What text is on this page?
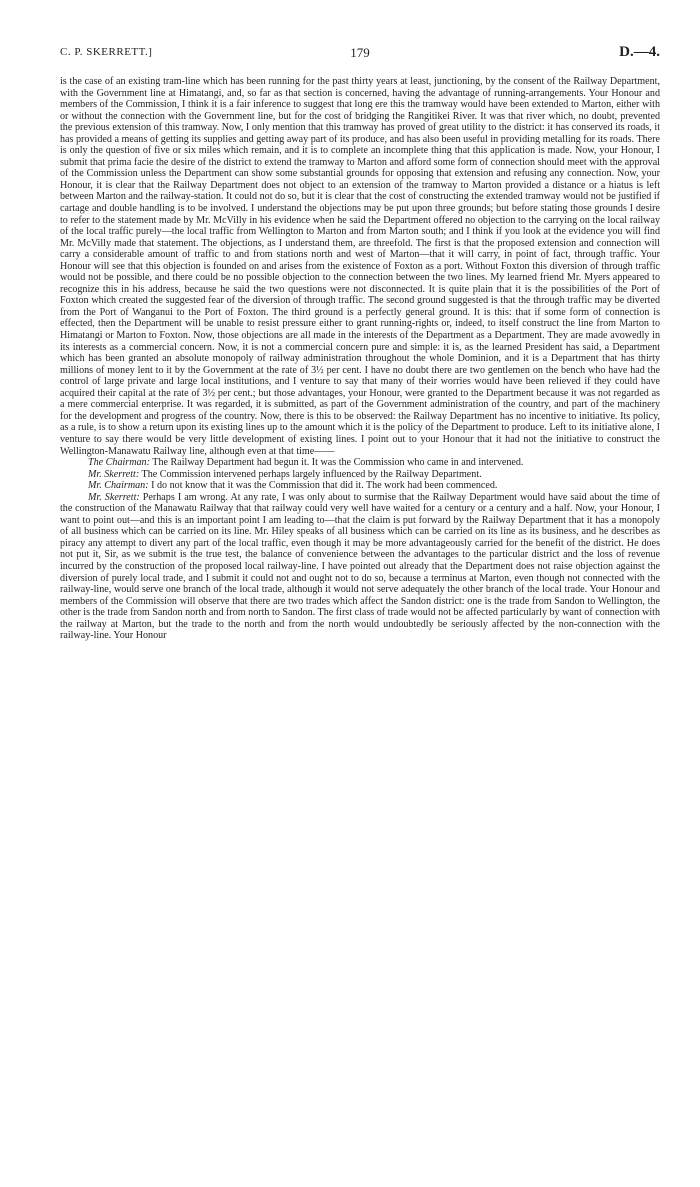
C. P. SKERRETT.]	179	D.—4.

is the case of an existing tram-line which has been running for the past thirty years at least, junctioning, by the consent of the Railway Department, with the Government line at Himatangi, and, so far as that section is concerned, having the advantage of running-arrangements. Your Honour and members of the Commission, I think it is a fair inference to suggest that long ere this the tramway would have been extended to Marton, either with or without the connection with the Government line, but for the cost of bridging the Rangitikei River. It was that river which, no doubt, prevented the previous extension of this tramway. Now, I only mention that this tramway has proved of great utility to the district: it has conserved its roads, it has provided a means of getting its supplies and getting away part of its produce, and has also been useful in providing metalling for its roads. There is only the question of five or six miles which remain, and it is to complete an incomplete thing that this application is made. Now, your Honour, I submit that prima facie the desire of the district to extend the tramway to Marton and afford some form of connection should meet with the approval of the Commission unless the Department can show some substantial grounds for opposing that extension and refusing any connection. Now, your Honour, it is clear that the Railway Department does not object to an extension of the tramway to Marton provided a distance or a hiatus is left between Marton and the railway-station. It could not do so, but it is clear that the cost of constructing the extended tramway would not be justified if cartage and double handling is to be involved. I understand the objections may be put upon three grounds; but before stating those grounds I desire to refer to the statement made by Mr. McVilly in his evidence when he said the Department offered no objection to the carrying on the local railway of the local traffic purely—the local traffic from Wellington to Marton and from Marton south; and I think if you look at the evidence you will find Mr. McVilly made that statement. The objections, as I understand them, are threefold. The first is that the proposed extension and connection will carry a considerable amount of traffic to and from stations north and west of Marton—that it will carry, in point of fact, through traffic. Your Honour will see that this objection is founded on and arises from the existence of Foxton as a port. Without Foxton this diversion of through traffic would not be possible, and there could be no possible objection to the connection between the two lines. My learned friend Mr. Myers appeared to recognize this in his address, because he said the two questions were not disconnected. It is quite plain that it is the possibilities of the Port of Foxton which created the suggested fear of the diversion of through traffic. The second ground suggested is that the through traffic may be diverted from the Port of Wanganui to the Port of Foxton. The third ground is a perfectly general ground. It is this: that if some form of connection is effected, then the Department will be unable to resist pressure either to grant running-rights or, indeed, to itself construct the line from Marton to Himatangi or Marton to Foxton. Now, those objections are all made in the interests of the Department as a Department. They are made avowedly in its interests as a commercial concern. Now, it is not a commercial concern pure and simple: it is, as the learned President has said, a Department which has been granted an absolute monopoly of railway administration throughout the whole Dominion, and it is a Department that has thirty millions of money lent to it by the Government at the rate of 3½ per cent. I have no doubt there are two gentlemen on the bench who have had the control of large private and large local institutions, and I venture to say that many of their worries would have been relieved if they could have acquired their capital at the rate of 3½ per cent.; but those advantages, your Honour, were granted to the Department because it was not regarded as a mere commercial enterprise. It was regarded, it is submitted, as part of the Government administration of the country, and part of the machinery for the development and progress of the country. Now, there is this to be observed: the Railway Department has no incentive to initiative. Its policy, as a rule, is to show a return upon its existing lines up to the amount which it is the policy of the Department to produce. Left to its initiative alone, I venture to say there would be very little development of existing lines. I point out to your Honour that it had not the initiative to construct the Wellington-Manawatu Railway line, although even at that time——

The Chairman: The Railway Department had begun it. It was the Commission who came in and intervened.

Mr. Skerrett: The Commission intervened perhaps largely influenced by the Railway Department.

Mr. Chairman: I do not know that it was the Commission that did it. The work had been commenced.

Mr. Skerrett: Perhaps I am wrong. At any rate, I was only about to surmise that the Railway Department would have said about the time of the construction of the Manawatu Railway that that railway could very well have waited for a century or a century and a half. Now, your Honour, I want to point out—and this is an important point I am leading to—that the claim is put forward by the Railway Department that it has a monopoly of all business which can be carried on its line. Mr. Hiley speaks of all business which can be carried on its line as its business, and he describes as piracy any attempt to divert any part of the local traffic, even though it may be more advantageously carried for the benefit of the district. He does not put it, Sir, as we submit is the true test, the balance of convenience between the advantages to the particular district and the loss of revenue incurred by the construction of the proposed local railway-line. I have pointed out already that the Department does not raise objection against the diversion of purely local trade, and I submit it could not and ought not to do so, because a terminus at Marton, even though not connected with the railway-line, would serve one branch of the local trade, although it would not serve adequately the other branch of the local trade. Your Honour and members of the Commission will observe that there are two trades which affect the Sandon district: one is the trade from Sandon to Wellington, the other is the trade from Sandon north and from north to Sandon. The first class of trade would not be affected particularly by want of connection with the railway at Marton, but the trade to the north and from the north would undoubtedly be seriously affected by the non-connection with the railway-line. Your Honour
